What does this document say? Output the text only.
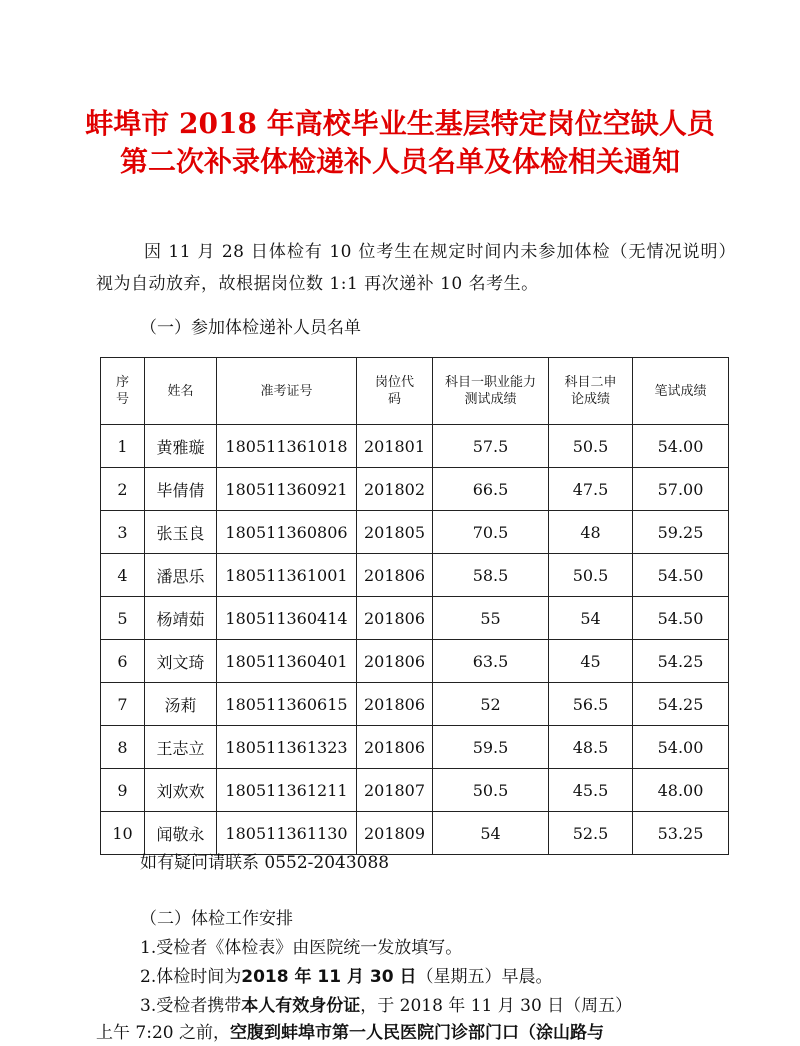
蚌埠市 2018 年高校毕业生基层特定岗位空缺人员
第二次补录体检递补人员名单及体检相关通知
因 11 月 28 日体检有 10 位考生在规定时间内未参加体检（无情况说明）视为自动放弃，故根据岗位数 1:1 再次递补 10 名考生。
（一）参加体检递补人员名单
序号	姓名	准考证号	岗位代码	科目一职业能力测试成绩	科目二申论成绩	笔试成绩
1	黄雅璇	180511361018	201801	57.5	50.5	54.00
2	毕倩倩	180511360921	201802	66.5	47.5	57.00
3	张玉良	180511360806	201805	70.5	48	59.25
4	潘思乐	180511361001	201806	58.5	50.5	54.50
5	杨靖茹	180511360414	201806	55	54	54.50
6	刘文琦	180511360401	201806	63.5	45	54.25
7	汤莉	180511360615	201806	52	56.5	54.25
8	王志立	180511361323	201806	59.5	48.5	54.00
9	刘欢欢	180511361211	201807	50.5	45.5	48.00
10	闻敬永	180511361130	201809	54	52.5	53.25
如有疑问请联系 0552-2043088
（二）体检工作安排
1.受检者《体检表》由医院统一发放填写。
2.体检时间为2018 年 11 月 30 日（星期五）早晨。
3.受检者携带本人有效身份证，于 2018 年 11 月 30 日（周五）
上午 7:20 之前，空腹到蚌埠市第一人民医院门诊部门口（涂山路与
